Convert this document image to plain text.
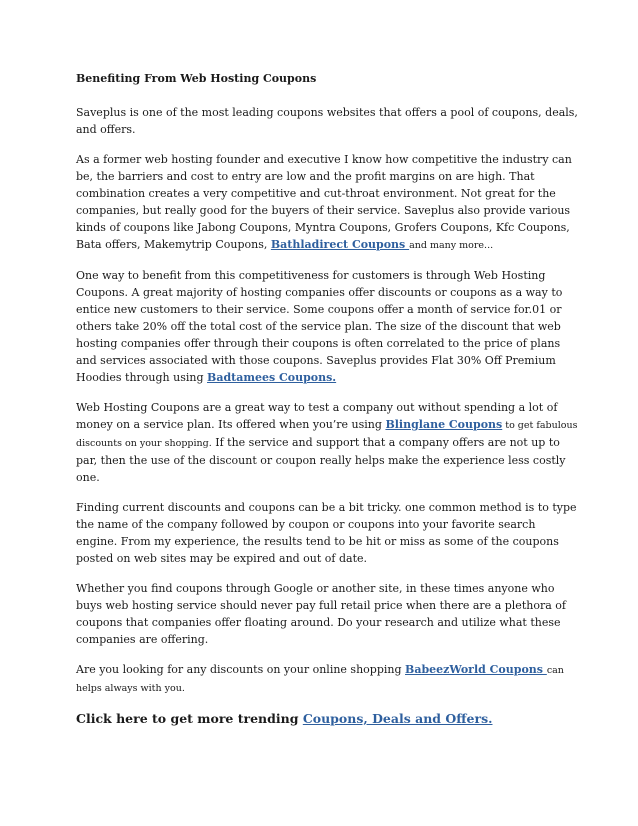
Benefiting From Web Hosting Coupons

Saveplus is one of the most leading coupons websites that offers a pool of coupons, deals, and offers.

As a former web hosting founder and executive I know how competitive the industry can be, the barriers and cost to entry are low and the profit margins on are high. That combination creates a very competitive and cut-throat environment. Not great for the companies, but really good for the buyers of their service. Saveplus also provide various kinds of coupons like Jabong Coupons, Myntra Coupons, Grofers Coupons, Kfc Coupons, Bata offers, Makemytrip Coupons, Bathladirect Coupons and many more...

One way to benefit from this competitiveness for customers is through Web Hosting Coupons. A great majority of hosting companies offer discounts or coupons as a way to entice new customers to their service. Some coupons offer a month of service for.01 or others take 20% off the total cost of the service plan. The size of the discount that web hosting companies offer through their coupons is often correlated to the price of plans and services associated with those coupons. Saveplus provides Flat 30% Off Premium Hoodies through using Badtamees Coupons.

Web Hosting Coupons are a great way to test a company out without spending a lot of money on a service plan. Its offered when you’re using Blinglane Coupons to get fabulous discounts on your shopping. If the service and support that a company offers are not up to par, then the use of the discount or coupon really helps make the experience less costly one.

Finding current discounts and coupons can be a bit tricky. one common method is to type the name of the company followed by coupon or coupons into your favorite search engine. From my experience, the results tend to be hit or miss as some of the coupons posted on web sites may be expired and out of date.

Whether you find coupons through Google or another site, in these times anyone who buys web hosting service should never pay full retail price when there are a plethora of coupons that companies offer floating around. Do your research and utilize what these companies are offering.

Are you looking for any discounts on your online shopping BabeezWorld Coupons can helps always with you.

Click here to get more trending Coupons, Deals and Offers.
